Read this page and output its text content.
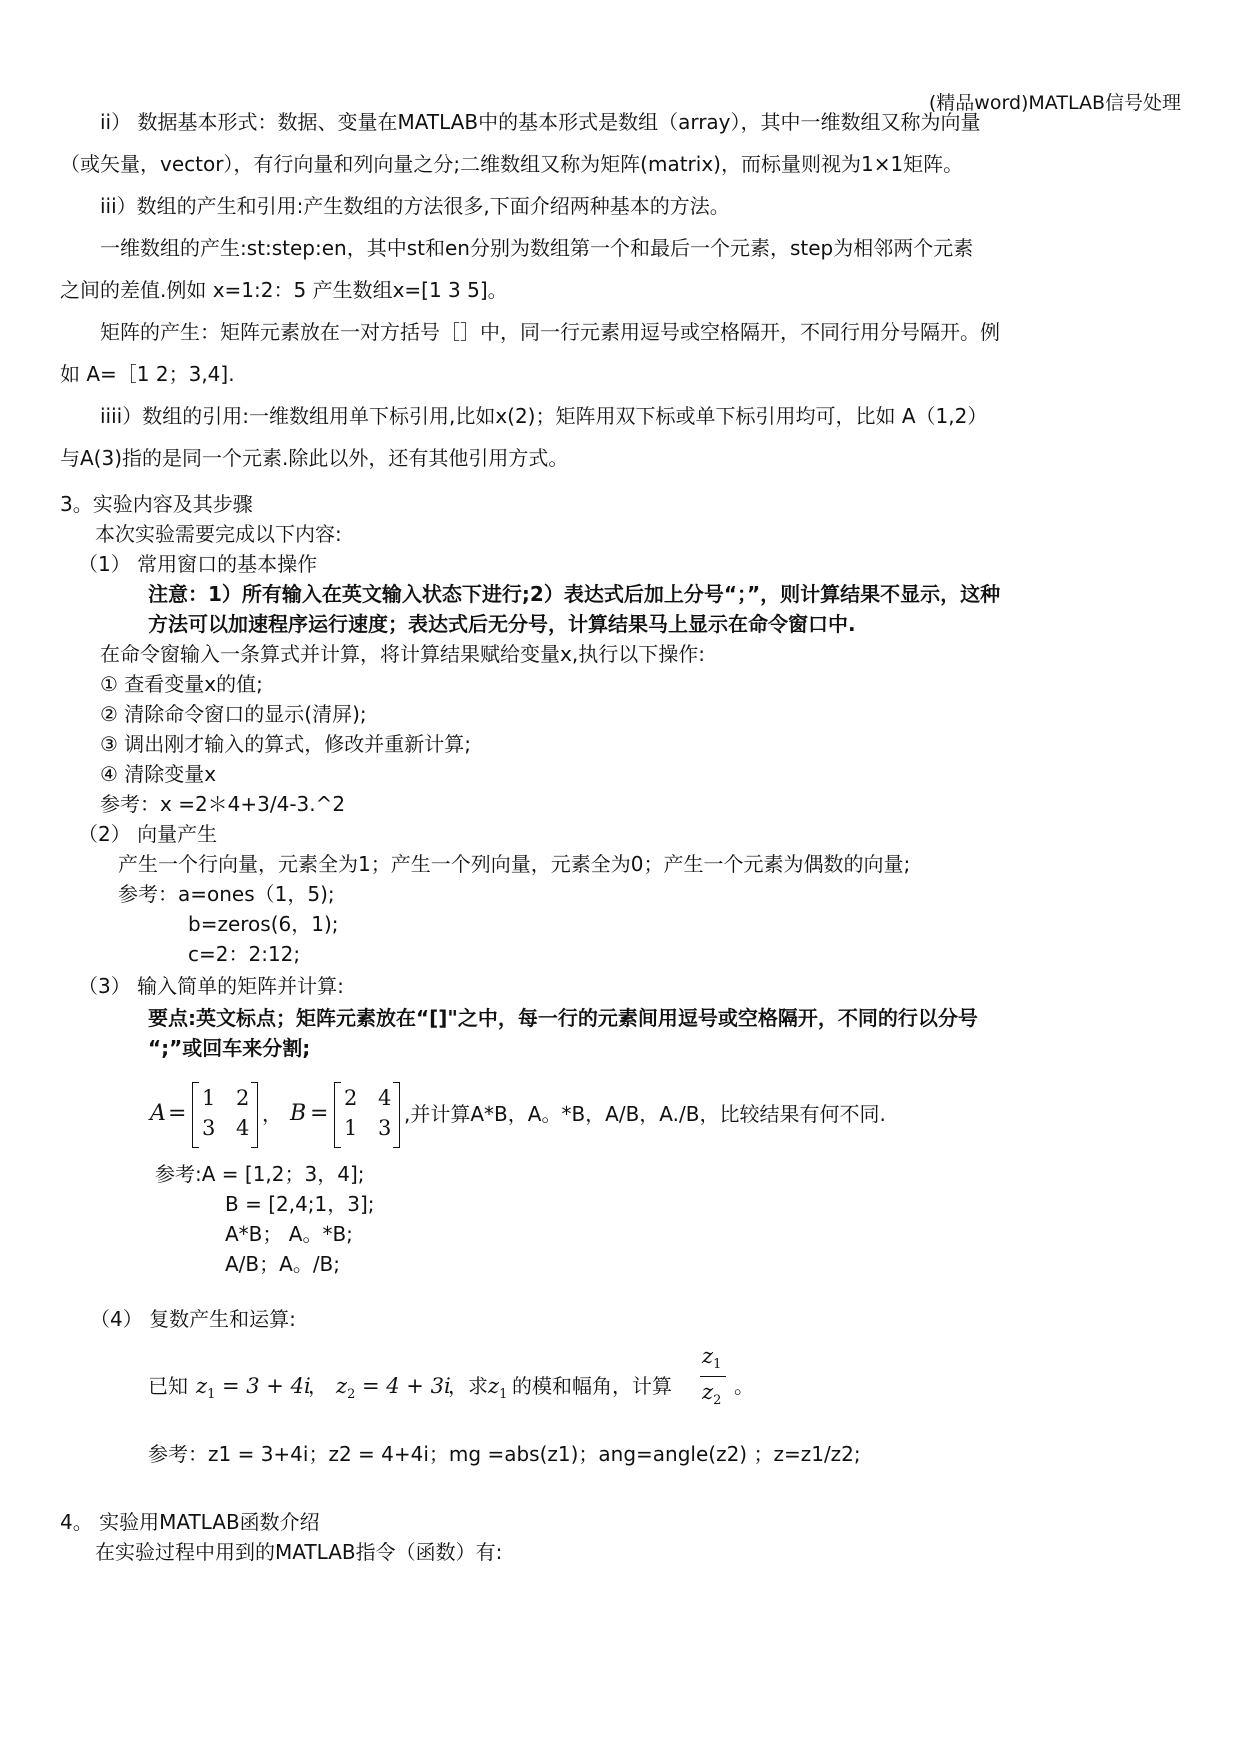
(精品word)MATLAB信号处理
ii） 数据基本形式：数据、变量在MATLAB中的基本形式是数组（array），其中一维数组又称为向量
（或矢量，vector），有行向量和列向量之分;二维数组又称为矩阵(matrix)，而标量则视为1×1矩阵。
iii）数组的产生和引用:产生数组的方法很多,下面介绍两种基本的方法。
一维数组的产生:st:step:en，其中st和en分别为数组第一个和最后一个元素，step为相邻两个元素
之间的差值.例如 x=1:2：5 产生数组x=[1 3 5]。
矩阵的产生：矩阵元素放在一对方括号［］中，同一行元素用逗号或空格隔开，不同行用分号隔开。例
如 A=［1 2；3,4].
iiii）数组的引用:一维数组用单下标引用,比如x(2)；矩阵用双下标或单下标引用均可，比如 A（1,2）
与A(3)指的是同一个元素.除此以外，还有其他引用方式。
3。实验内容及其步骤
本次实验需要完成以下内容:
（1） 常用窗口的基本操作
注意：1）所有输入在英文输入状态下进行;2）表达式后加上分号“；”，则计算结果不显示，这种
方法可以加速程序运行速度；表达式后无分号，计算结果马上显示在命令窗口中.
在命令窗输入一条算式并计算，将计算结果赋给变量x,执行以下操作:
① 查看变量x的值;
② 清除命令窗口的显示(清屏);
③ 调出刚才输入的算式，修改并重新计算;
④ 清除变量x
参考：x =2＊4+3/4-3.^2
（2） 向量产生
产生一个行向量，元素全为1；产生一个列向量，元素全为0；产生一个元素为偶数的向量;
参考：a=ones（1，5);
b=zeros(6，1);
c=2：2:12;
（3） 输入简单的矩阵并计算:
要点:英文标点；矩阵元素放在“[]"之中，每一行的元素间用逗号或空格隔开，不同的行以分号
“;”或回车来分割;
A =
1 2
3 4
， B =
2 4
1 3
,并计算A*B，A。*B，A/B，A./B，比较结果有何不同.
参考:A = [1,2；3，4];
B = [2,4;1，3];
A*B； A。*B;
A/B；A。/B;
（4） 复数产生和运算:
已知 $z_1 = 3 + 4i$
， $z_2 = 4 + 3i$
，求 $z_1$ 的模和幅角，计算
$z_1$
$z_2$
。
参考：z1 = 3+4i；z2 = 4+4i；mg =abs(z1)；ang=angle(z2) ；z=z1/z2;
4。 实验用MATLAB函数介绍
在实验过程中用到的MATLAB指令（函数）有:
